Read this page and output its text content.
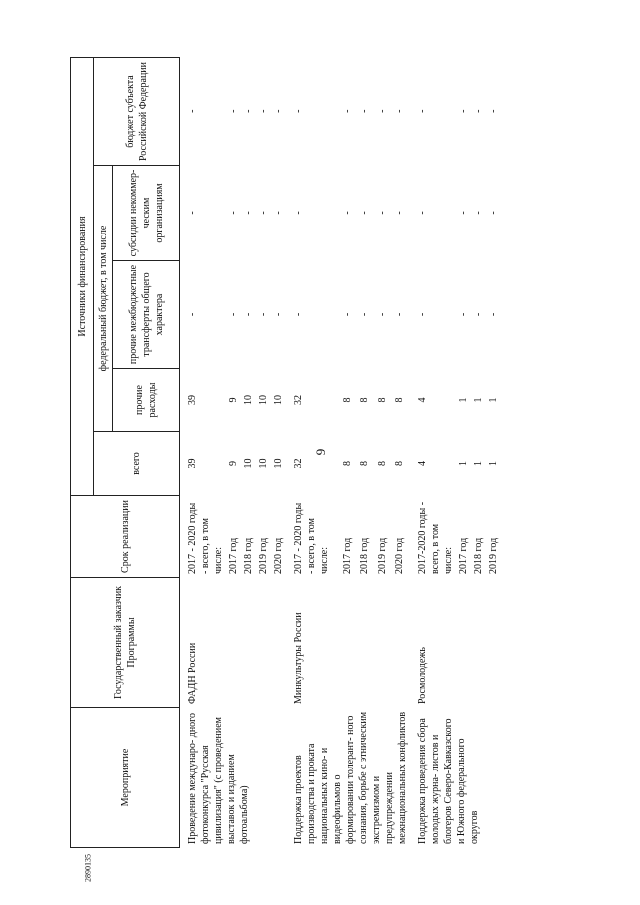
9
2890135
Мероприятие	Государственный заказчик Программы	Срок реализации	Источники финансирования				
			всего	федеральный бюджет, в том числе			бюджет субъекта Российской Федерации
				прочие расходы	прочие межбюджетные трансферты общего характера	субсидии некоммер- ческим организациям	
Проведение междунаро- дного фотоконкурса "Русская цивилизация" (с проведением выставок и изданием фотоальбома)	ФАДН России	2017 - 2020 годы - всего, в том числе:	39	39	-	-	-
		2017 год	9	9	-	-	-
		2018 год	10	10	-	-	-
		2019 год	10	10	-	-	-
		2020 год	10	10	-	-	-
Поддержка проектов производства и проката национальных кино- и видеофильмов о формировании толерант- ного сознания, борьбе с этническим экстремизмом и предупреждении межнациональных конфликтов	Минкультуры России	2017 - 2020 годы - всего, в том числе:	32	32	-	-	-
		2017 год	8	8	-	-	-
		2018 год	8	8	-	-	-
		2019 год	8	8	-	-	-
		2020 год	8	8	-	-	-
Поддержка проведения сбора молодых журна- листов и блогеров Северо-Кавказского и Южного федерального округов	Росмолодежь	2017-2020 годы - всего, в том числе:	4	4	-	-	-
		2017 год	1	1	-	-	-
		2018 год	1	1	-	-	-
		2019 год	1	1	-	-	-
